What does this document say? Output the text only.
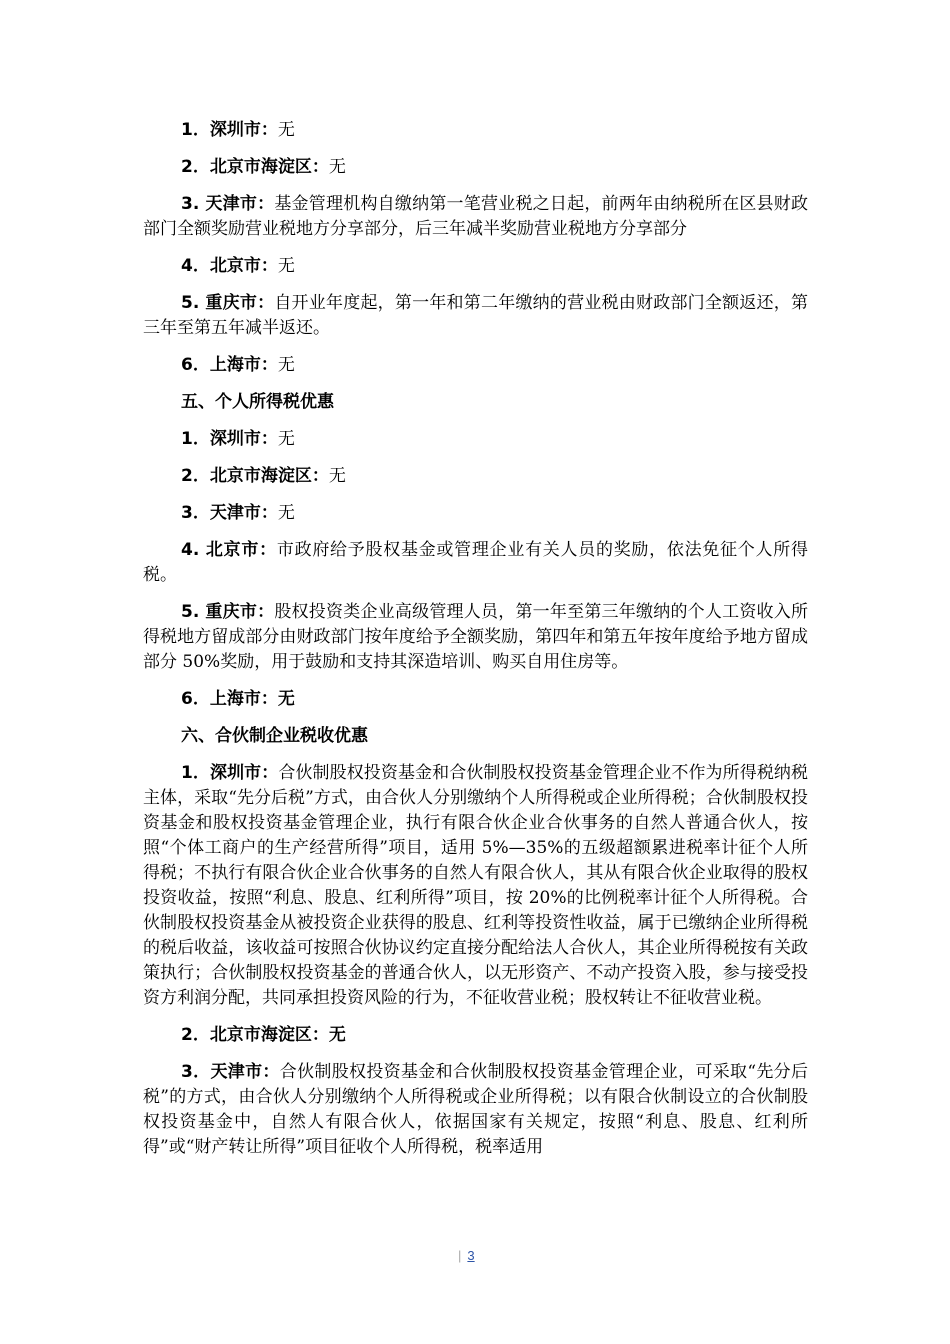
1．深圳市：无

2．北京市海淀区：无

3. 天津市：基金管理机构自缴纳第一笔营业税之日起，前两年由纳税所在区县财政部门全额奖励营业税地方分享部分，后三年减半奖励营业税地方分享部分

4．北京市：无

5. 重庆市：自开业年度起，第一年和第二年缴纳的营业税由财政部门全额返还，第三年至第五年减半返还。

6．上海市：无

五、个人所得税优惠

1．深圳市：无

2．北京市海淀区：无

3．天津市：无

4. 北京市：市政府给予股权基金或管理企业有关人员的奖励，依法免征个人所得税。

5. 重庆市：股权投资类企业高级管理人员，第一年至第三年缴纳的个人工资收入所得税地方留成部分由财政部门按年度给予全额奖励，第四年和第五年按年度给予地方留成部分 50%奖励，用于鼓励和支持其深造培训、购买自用住房等。

6．上海市：无

六、合伙制企业税收优惠

1．深圳市：合伙制股权投资基金和合伙制股权投资基金管理企业不作为所得税纳税主体，采取“先分后税”方式，由合伙人分别缴纳个人所得税或企业所得税；合伙制股权投资基金和股权投资基金管理企业，执行有限合伙企业合伙事务的自然人普通合伙人，按照“个体工商户的生产经营所得”项目，适用 5%—35%的五级超额累进税率计征个人所得税；不执行有限合伙企业合伙事务的自然人有限合伙人，其从有限合伙企业取得的股权投资收益，按照“利息、股息、红利所得”项目，按 20%的比例税率计征个人所得税。合伙制股权投资基金从被投资企业获得的股息、红利等投资性收益，属于已缴纳企业所得税的税后收益，该收益可按照合伙协议约定直接分配给法人合伙人，其企业所得税按有关政策执行；合伙制股权投资基金的普通合伙人，以无形资产、不动产投资入股，参与接受投资方利润分配，共同承担投资风险的行为，不征收营业税；股权转让不征收营业税。

2．北京市海淀区：无

3．天津市：合伙制股权投资基金和合伙制股权投资基金管理企业，可采取“先分后税”的方式，由合伙人分别缴纳个人所得税或企业所得税；以有限合伙制设立的合伙制股权投资基金中，自然人有限合伙人，依据国家有关规定，按照“利息、股息、红利所得”或“财产转让所得”项目征收个人所得税，税率适用

| 3
